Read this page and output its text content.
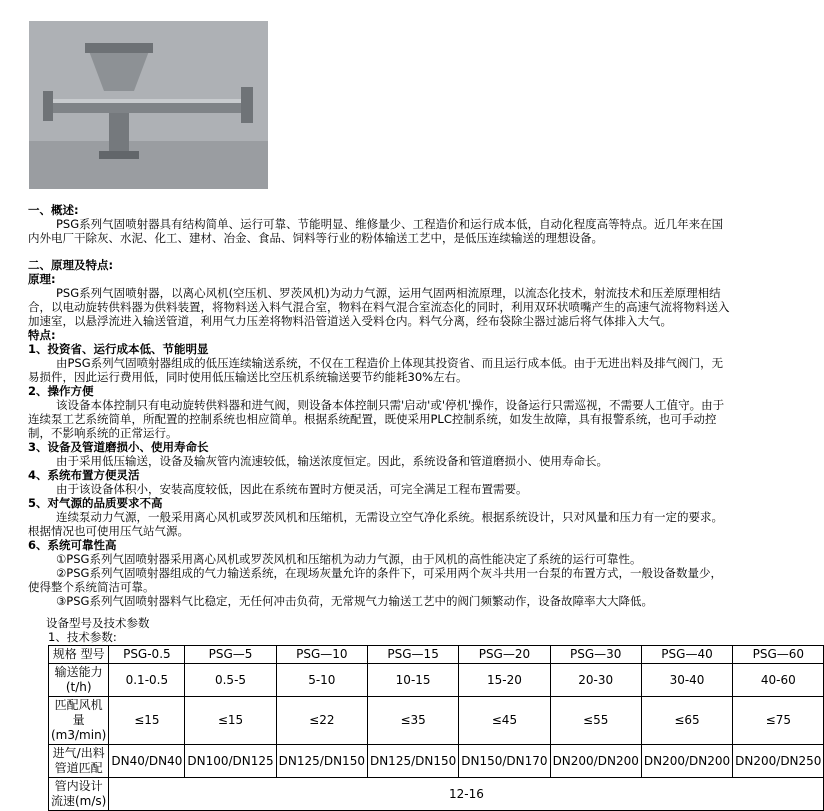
一、概述:

PSG系列气固喷射器具有结构简单、运行可靠、节能明显、维修量少、工程造价和运行成本低，自动化程度高等特点。近几年来在国内外电厂干除灰、水泥、化工、建材、冶金、食品、饲料等行业的粉体输送工艺中，是低压连续输送的理想设备。

二、原理及特点:

原理:

PSG系列气固喷射器，以离心风机(空压机、罗茨风机)为动力气源，运用气固两相流原理，以流态化技术，射流技术和压差原理相结合，以电动旋转供料器为供料装置，将物料送入料气混合室，物料在料气混合室流态化的同时，利用双环状喷嘴产生的高速气流将物料送入加速室，以悬浮流进入输送管道，利用气力压差将物料沿管道送入受料仓内。料气分离，经布袋除尘器过滤后将气体排入大气。

特点:

1、投资省、运行成本低、节能明显

由PSG系列气固喷射器组成的低压连续输送系统，不仅在工程造价上体现其投资省、而且运行成本低。由于无进出料及排气阀门，无易损件，因此运行费用低，同时使用低压输送比空压机系统输送要节约能耗30%左右。

2、操作方便

该设备本体控制只有电动旋转供料器和进气阀，则设备本体控制只需'启动'或'停机'操作，设备运行只需巡视，不需要人工值守。由于连续泵工艺系统简单，所配置的控制系统也相应简单。根据系统配置，既使采用PLC控制系统，如发生故障，具有报警系统，也可手动控制，不影响系统的正常运行。

3、设备及管道磨损小、使用寿命长

由于采用低压输送，设备及输灰管内流速较低，输送浓度恒定。因此，系统设备和管道磨损小、使用寿命长。

4、系统布置方便灵活

由于该设备体积小，安装高度较低，因此在系统布置时方便灵活，可完全满足工程布置需要。

5、对气源的品质要求不高

连续泵动力气源，一般采用离心风机或罗茨风机和压缩机，无需设立空气净化系统。根据系统设计，只对风量和压力有一定的要求。根据情况也可使用压气站气源。

6、系统可靠性高

①PSG系列气固喷射器采用离心风机或罗茨风机和压缩机为动力气源，由于风机的高性能决定了系统的运行可靠性。

②PSG系列气固喷射器组成的气力输送系统，在现场灰量允许的条件下，可采用两个灰斗共用一台泵的布置方式，一般设备数量少，使得整个系统简洁可靠。

③PSG系列气固喷射器料气比稳定，无任何冲击负荷，无常规气力输送工艺中的阀门频繁动作，设备故障率大大降低。

设备型号及技术参数

1、技术参数:

规格 型号	PSG-0.5	PSG—5	PSG—10	PSG—15	PSG—20	PSG—30	PSG—40	PSG—60
输送能力(t/h)	0.1-0.5	0.5-5	5-10	10-15	15-20	20-30	30-40	40-60
匹配风机量(m3/min)	≤15	≤15	≤22	≤35	≤45	≤55	≤65	≤75
进气/出料管道匹配	DN40/DN40	DN100/DN125	DN125/DN150	DN125/DN150	DN150/DN170	DN200/DN200	DN200/DN200	DN200/DN250
管内设计流速(m/s)	12-16							
